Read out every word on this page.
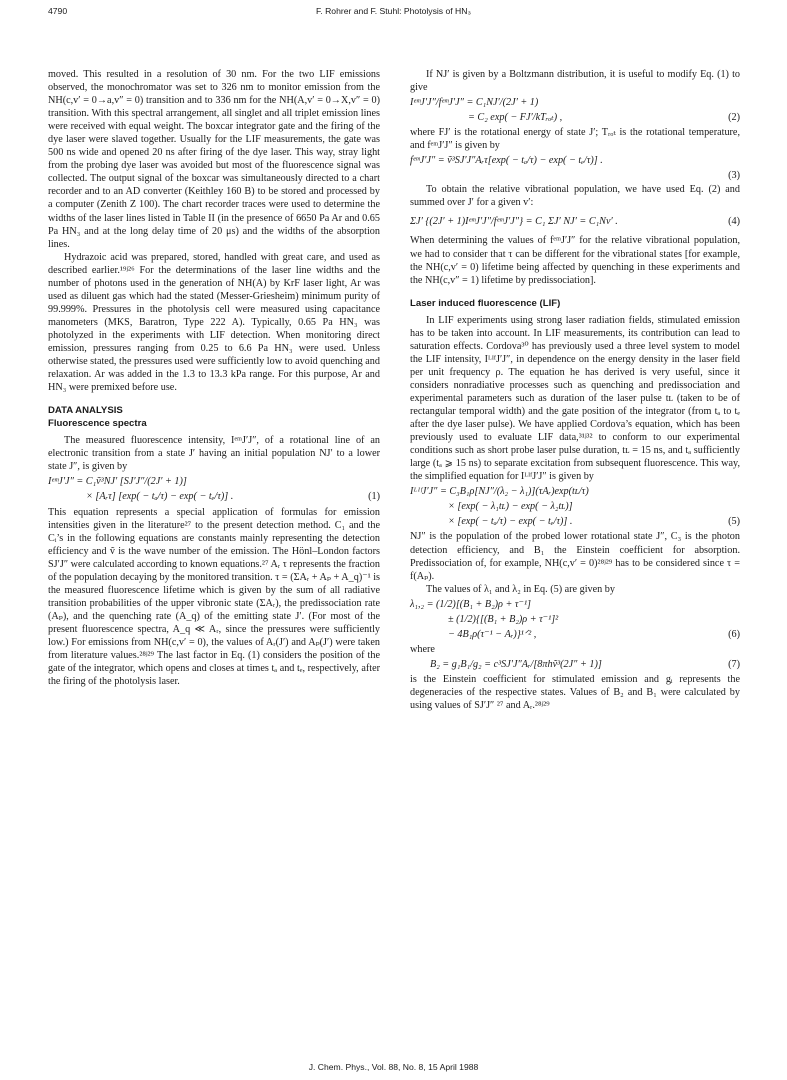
4790	F. Rohrer and F. Stuhl: Photolysis of HN₃

moved. This resulted in a resolution of 30 nm. For the two LIF emissions observed, the monochromator was set to 326 nm to monitor emission from the NH(c,v′ = 0→a,v″ = 0) transition and to 336 nm for the NH(A,v′ = 0→X,v″ = 0) transition. With this spectral arrangement, all singlet and all triplet emission lines were received with equal weight. The boxcar integrator gate and the firing of the dye laser were slaved together. Usually for the LIF measurements, the gate was 500 ns wide and opened 20 ns after firing of the dye laser. This way, stray light from the probing dye laser was avoided but most of the fluorescence signal was collected. The output signal of the boxcar was simultaneously directed to a chart recorder and to an AD converter (Keithley 160 B) to be stored and processed by a computer (Zenith Z 100). The chart recorder traces were used to determine the widths of the laser lines listed in Table II (in the presence of 6650 Pa Ar and 0.65 Pa HN₃ and at the long delay time of 20 μs) and the widths of the absorption lines.

Hydrazoic acid was prepared, stored, handled with great care, and used as described earlier.¹⁹ʲ²⁶ For the determinations of the laser line widths and the number of photons used in the generation of NH(A) by KrF laser light, Ar was used as diluent gas which had the stated (Messer-Griesheim) minimum purity of 99.999%. Pressures in the photolysis cell were measured using capacitance manometers (MKS, Baratron, Type 222 A). Typically, 0.65 Pa HN₃ was photolyzed in the experiments with LIF detection. When monitoring direct emission, pressures ranging from 0.25 to 6.6 Pa HN₃ were used. Unless otherwise stated, the pressures used were sufficiently low to avoid quenching and relaxation. Ar was added in the 1.3 to 13.3 kPa range. For this purpose, Ar and HN₃ were premixed before use.

DATA ANALYSIS
Fluorescence spectra

The measured fluorescence intensity, IᵉᵐJ′J″, of a rotational line of an electronic transition from a state J′ having an initial population NJ′ to a lower state J″, is given by

IᵉᵐJ′J″ = C₁ṽ³NJ′ [SJ′J″/(2J′ + 1)]
× [Aᵣτ] [exp( − tₐ/τ) − exp( − tₑ/τ)] .	(1)

This equation represents a special application of formulas for emission intensities given in the literature²⁷ to the present detection method. C₁ and the Cᵢ’s in the following equations are constants mainly representing the detection efficiency and ṽ is the wave number of the emission. The Hönl–London factors SJ′J″ were calculated according to known equations.²⁷ Aᵣ τ represents the fraction of the population decaying by the monitored transition. τ = (ΣAᵣ + Aₚ + A_q)⁻¹ is the measured fluorescence lifetime which is given by the sum of all radiative transition probabilities of the upper vibronic state (ΣAᵣ), the predissociation rate (Aₚ), and the quenching rate (A_q) of the emitting state J′. (For most of the present fluorescence spectra, A_q ≪ Aᵣ, since the pressures were sufficiently low.) For emissions from NH(c,v′ = 0), the values of Aᵣ(J′) and Aₚ(J′) were taken from literature values.²⁸ʲ²⁹ The last factor in Eq. (1) considers the position of the gate of the integrator, which opens and closes at times tₐ and tₑ, respectively, after the firing of the photolysis laser.

If NJ′ is given by a Boltzmann distribution, it is useful to modify Eq. (1) to give

IᵉᵐJ′J″/fᵉᵐJ′J″ = C₁NJ′/(2J′ + 1)
= C₂ exp( − FJ′/kTᵣₒₜ) ,	(2)

where FJ′ is the rotational energy of state J′; Tᵣₒₜ is the rotational temperature, and fᵉᵐJ′J″ is given by

fᵉᵐJ′J″ = ṽ³SJ′J″Aᵣτ[exp( − tₐ/τ) − exp( − tₑ/τ)] .
(3)

To obtain the relative vibrational population, we have used Eq. (2) and summed over J′ for a given v′:

ΣJ′ {(2J′ + 1)IᵉᵐJ′J″/fᵉᵐJ′J″} = C₁ ΣJ′ NJ′ = C₁Nv′ .	(4)

When determining the values of fᵉᵐJ′J″ for the relative vibrational population, we had to consider that τ can be different for the vibrational states [for example, the NH(c,v′ = 0) lifetime being affected by quenching in these experiments and the NH(c,v″ = 1) lifetime by predissociation].

Laser induced fluorescence (LIF)

In LIF experiments using strong laser radiation fields, stimulated emission has to be taken into account. In LIF measurements, its contribution can lead to saturation effects. Cordova³⁰ has previously used a three level system to model the LIF intensity, IᴸᴵᶠJ′J″, in dependence on the energy density in the laser field per unit frequency ρ. The equation he has derived is very useful, since it considers nonradiative processes such as quenching and predissociation and experimental parameters such as duration of the laser pulse tʟ (taken to be of rectangular temporal width) and the gate position of the integrator (from tₐ to tₑ after the dye laser pulse). We have applied Cordova’s equation, which has been previously used to evaluate LIF data,³¹ʲ³² to conform to our experimental conditions such as short probe laser pulse duration, tʟ = 15 ns, and tₐ sufficiently large (tₐ ⩾ 15 ns) to separate excitation from subsequent fluorescence. This way, the simplified equation for IᴸᴵᶠJ′J″ is given by

IᴸᴵᶠJ′J″ = C₃B₁ρ[NJ″/(λ₂ − λ₁)](τAᵣ)exp(tʟ/τ)
× [exp( − λ₁tʟ) − exp( − λ₂tʟ)]
× [exp( − tₐ/τ) − exp( − tₑ/τ)] .	(5)

NJ″ is the population of the probed lower rotational state J″, C₃ is the photon detection efficiency, and B₁ the Einstein coefficient for absorption. Predissociation of, for example, NH(c,v′ = 0)²⁸ʲ²⁹ has to be considered since τ = f(Aₚ).

The values of λ₁ and λ₂ in Eq. (5) are given by

λ₁,₂ = (1/2)[(B₁ + B₂)ρ + τ⁻¹]
± (1/2){[(B₁ + B₂)ρ + τ⁻¹]²
− 4B₁ρ(τ⁻¹ − Aᵣ)}¹ᐟ² ,	(6)

where

B₂ = g₁B₁/g₂ = c³SJ′J″Aᵣ/[8πhṽ³(2J″ + 1)]	(7)

is the Einstein coefficient for stimulated emission and gᵢ represents the degeneracies of the respective states. Values of B₂ and B₁ were calculated by using values of SJ′J″ ²⁷ and Aᵣ.²⁸ʲ²⁹

J. Chem. Phys., Vol. 88, No. 8, 15 April 1988
